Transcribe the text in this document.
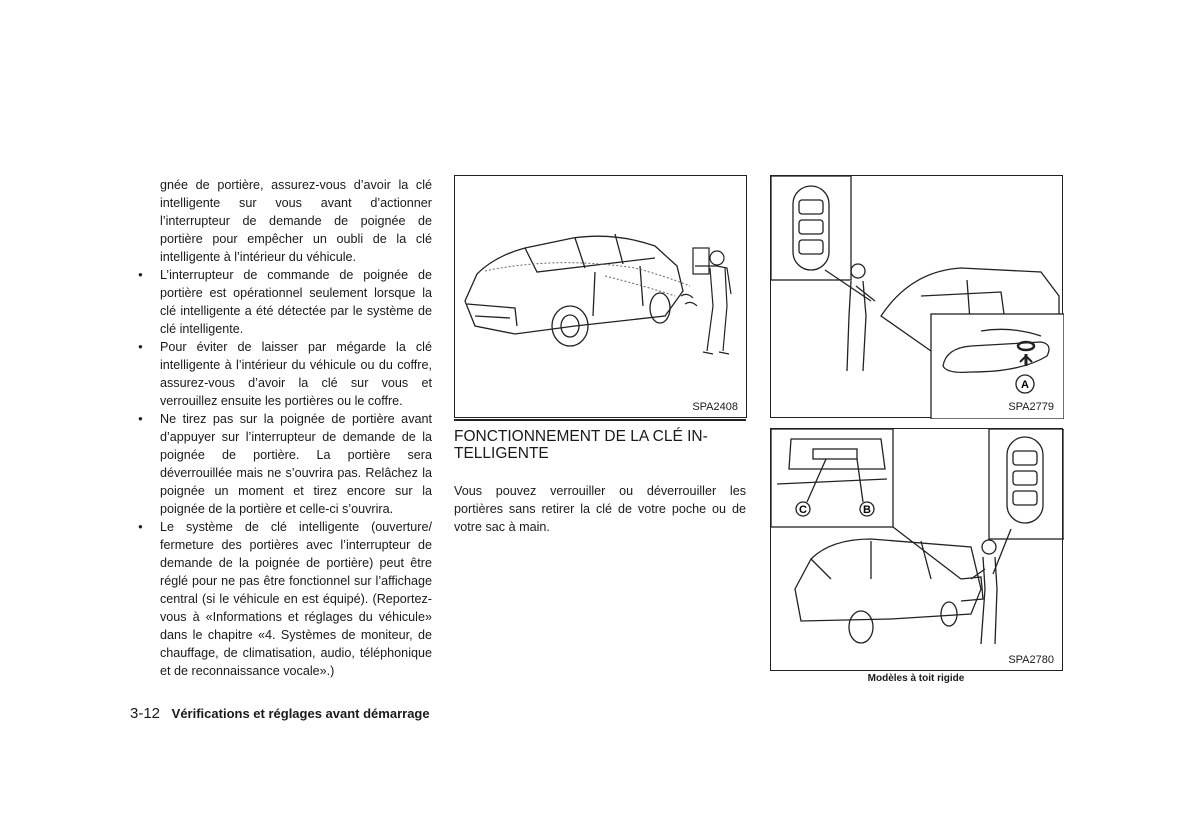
gnée de portière, assurez-vous d’avoir la clé intelligente sur vous avant d’actionner l’interrupteur de demande de poignée de portière pour empêcher un oubli de la clé intelligente à l’intérieur du véhicule.

● L’interrupteur de commande de poignée de portière est opérationnel seulement lorsque la clé intelligente a été détectée par le système de clé intelligente.

● Pour éviter de laisser par mégarde la clé intelligente à l’intérieur du véhicule ou du coffre, assurez-vous d’avoir la clé sur vous et verrouillez ensuite les portières ou le coffre.

● Ne tirez pas sur la poignée de portière avant d’appuyer sur l’interrupteur de demande de la poignée de portière. La portière sera déverrouillée mais ne s’ouvrira pas. Relâchez la poignée un moment et tirez encore sur la poignée de la portière et celle-ci s’ouvrira.

● Le système de clé intelligente (ouverture/ fermeture des portières avec l’interrupteur de demande de la poignée de portière) peut être réglé pour ne pas être fonctionnel sur l’affichage central (si le véhicule en est équipé). (Reportez-vous à «Informations et réglages du véhicule» dans le chapitre «4. Systèmes de moniteur, de chauffage, de climatisation, audio, téléphonique et de reconnaissance vocale».)

3-12 Vérifications et réglages avant démarrage
SPA2408
A
SPA2779
FONCTIONNEMENT DE LA CLÉ IN-
TELLIGENTE

Vous pouvez verrouiller ou déverrouiller les portières sans retirer la clé de votre poche ou de votre sac à main.

C	B
SPA2780
Modèles à toit rigide
